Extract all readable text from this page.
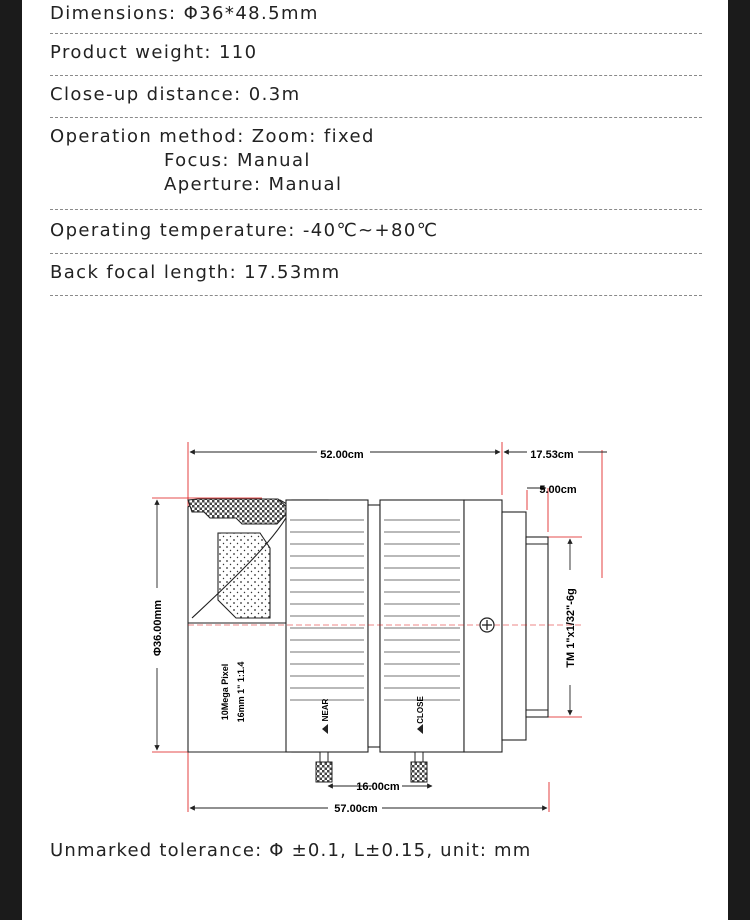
Dimensions: Φ36*48.5mm
Product weight: 110
Close-up distance: 0.3m
Operation method: Zoom: fixed
Focus: Manual
Aperture: Manual
Operating temperature: -40℃~+80℃
Back focal length: 17.53mm
52.00cm	17.53cm
5.00cm
Φ36.00mm	TM 1"x1/32"-6g
10Mega Pixel 16mm 1" 1:1.4	NEAR	CLOSE
16.00cm
57.00cm
Unmarked tolerance: Φ ±0.1, L±0.15, unit: mm
